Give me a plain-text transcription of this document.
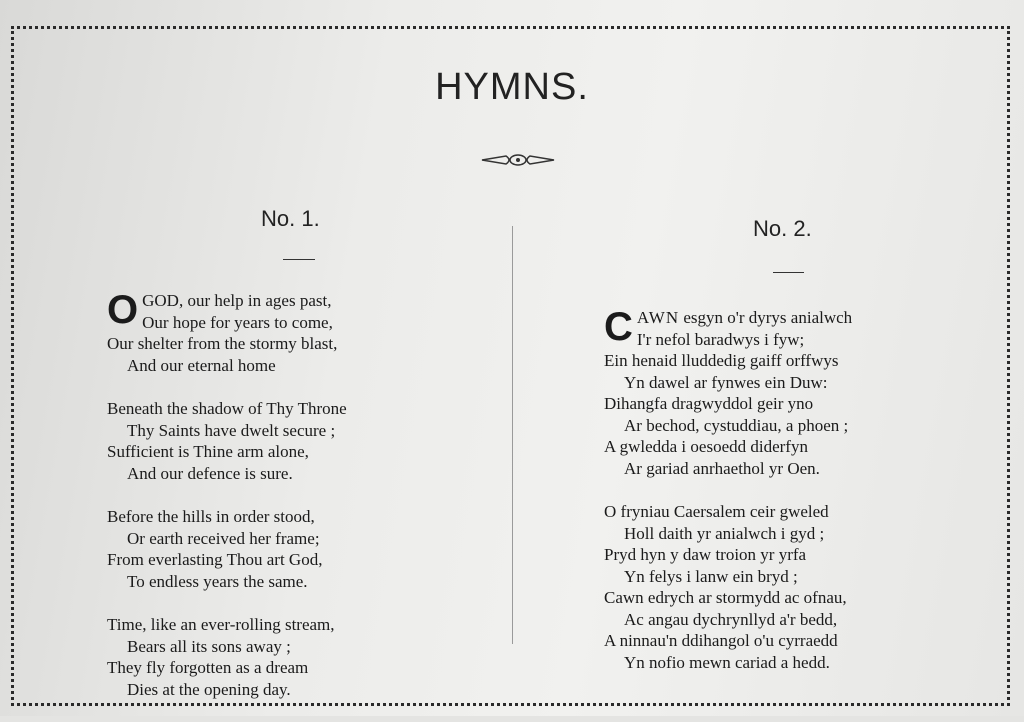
HYMNS.
No. 1.
O GOD, our help in ages past,
Our hope for years to come,
Our shelter from the stormy blast,
And our eternal home
Beneath the shadow of Thy Throne
Thy Saints have dwelt secure ;
Sufficient is Thine arm alone,
And our defence is sure.
Before the hills in order stood,
Or earth received her frame;
From everlasting Thou art God,
To endless years the same.
Time, like an ever-rolling stream,
Bears all its sons away ;
They fly forgotten as a dream
Dies at the opening day.
No. 2.
C AWN esgyn o'r dyrys anialwch
I'r nefol baradwys i fyw;
Ein henaid lluddedig gaiff orffwys
Yn dawel ar fynwes ein Duw:
Dihangfa dragwyddol geir yno
Ar bechod, cystuddiau, a phoen ;
A gwledda i oesoedd diderfyn
Ar gariad anrhaethol yr Oen.
O fryniau Caersalem ceir gweled
Holl daith yr anialwch i gyd ;
Pryd hyn y daw troion yr yrfa
Yn felys i lanw ein bryd ;
Cawn edrych ar stormydd ac ofnau,
Ac angau dychrynllyd a'r bedd,
A ninnau'n ddihangol o'u cyrraedd
Yn nofio mewn cariad a hedd.
